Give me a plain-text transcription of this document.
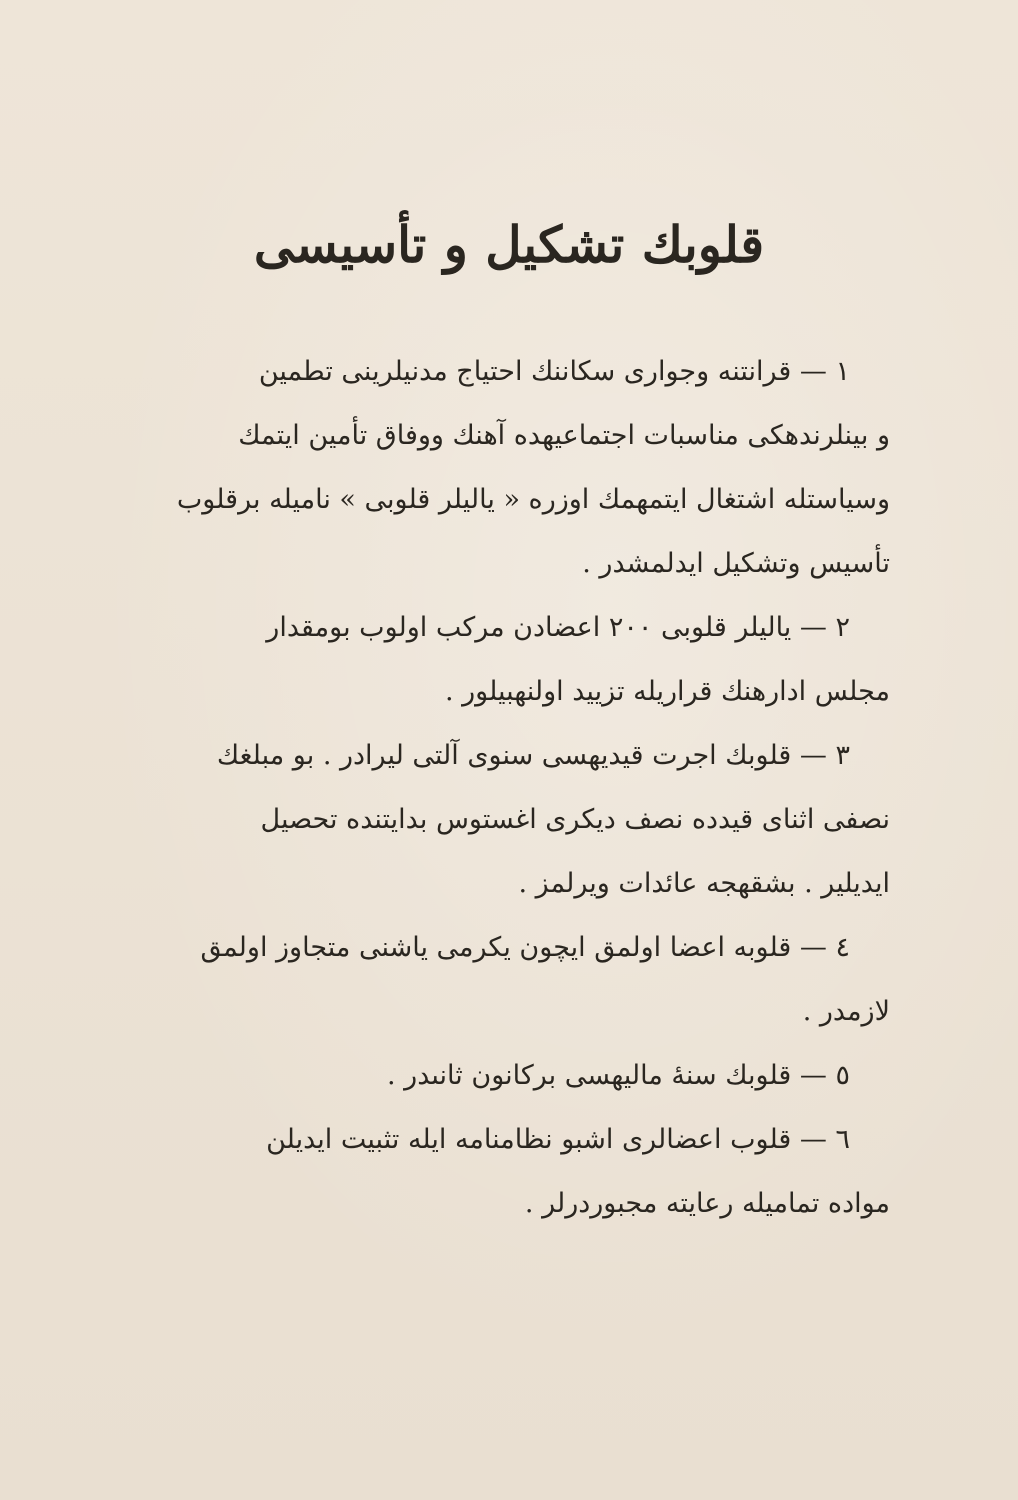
قلوبك تشكيل و تأسيسى
١ — قرانتنه وجوارى سكاننك احتياج مدنيلرينى تطمين
و بينلرندهكى مناسبات اجتماعيهده آهنك ووفاق تأمين ايتمك
وسياستله اشتغال ايتمهمك اوزره « ياليلر قلوبى » ناميله برقلوب
تأسيس وتشكيل ايدلمشدر .
٢ — ياليلر قلوبى ٢٠٠ اعضادن مركب اولوب بومقدار
مجلس ادارهنك قراريله تزييد اولنهبيلور .
٣ — قلوبك اجرت قيديهسى سنوى آلتى ليرادر . بو مبلغك
نصفى اثناى قيدده نصف ديكرى اغستوس بدايتنده تحصيل
ايديلير . بشقهجه عائدات ويرلمز .
٤ — قلوبه اعضا اولمق ايچون يكرمى ياشنى متجاوز اولمق
لازمدر .
٥ — قلوبك سنهٔ ماليهسى بركانون ثانىدر .
٦ — قلوب اعضالرى اشبو نظامنامه ايله تثبيت ايديلن
مواده تماميله رعايته مجبوردرلر .
